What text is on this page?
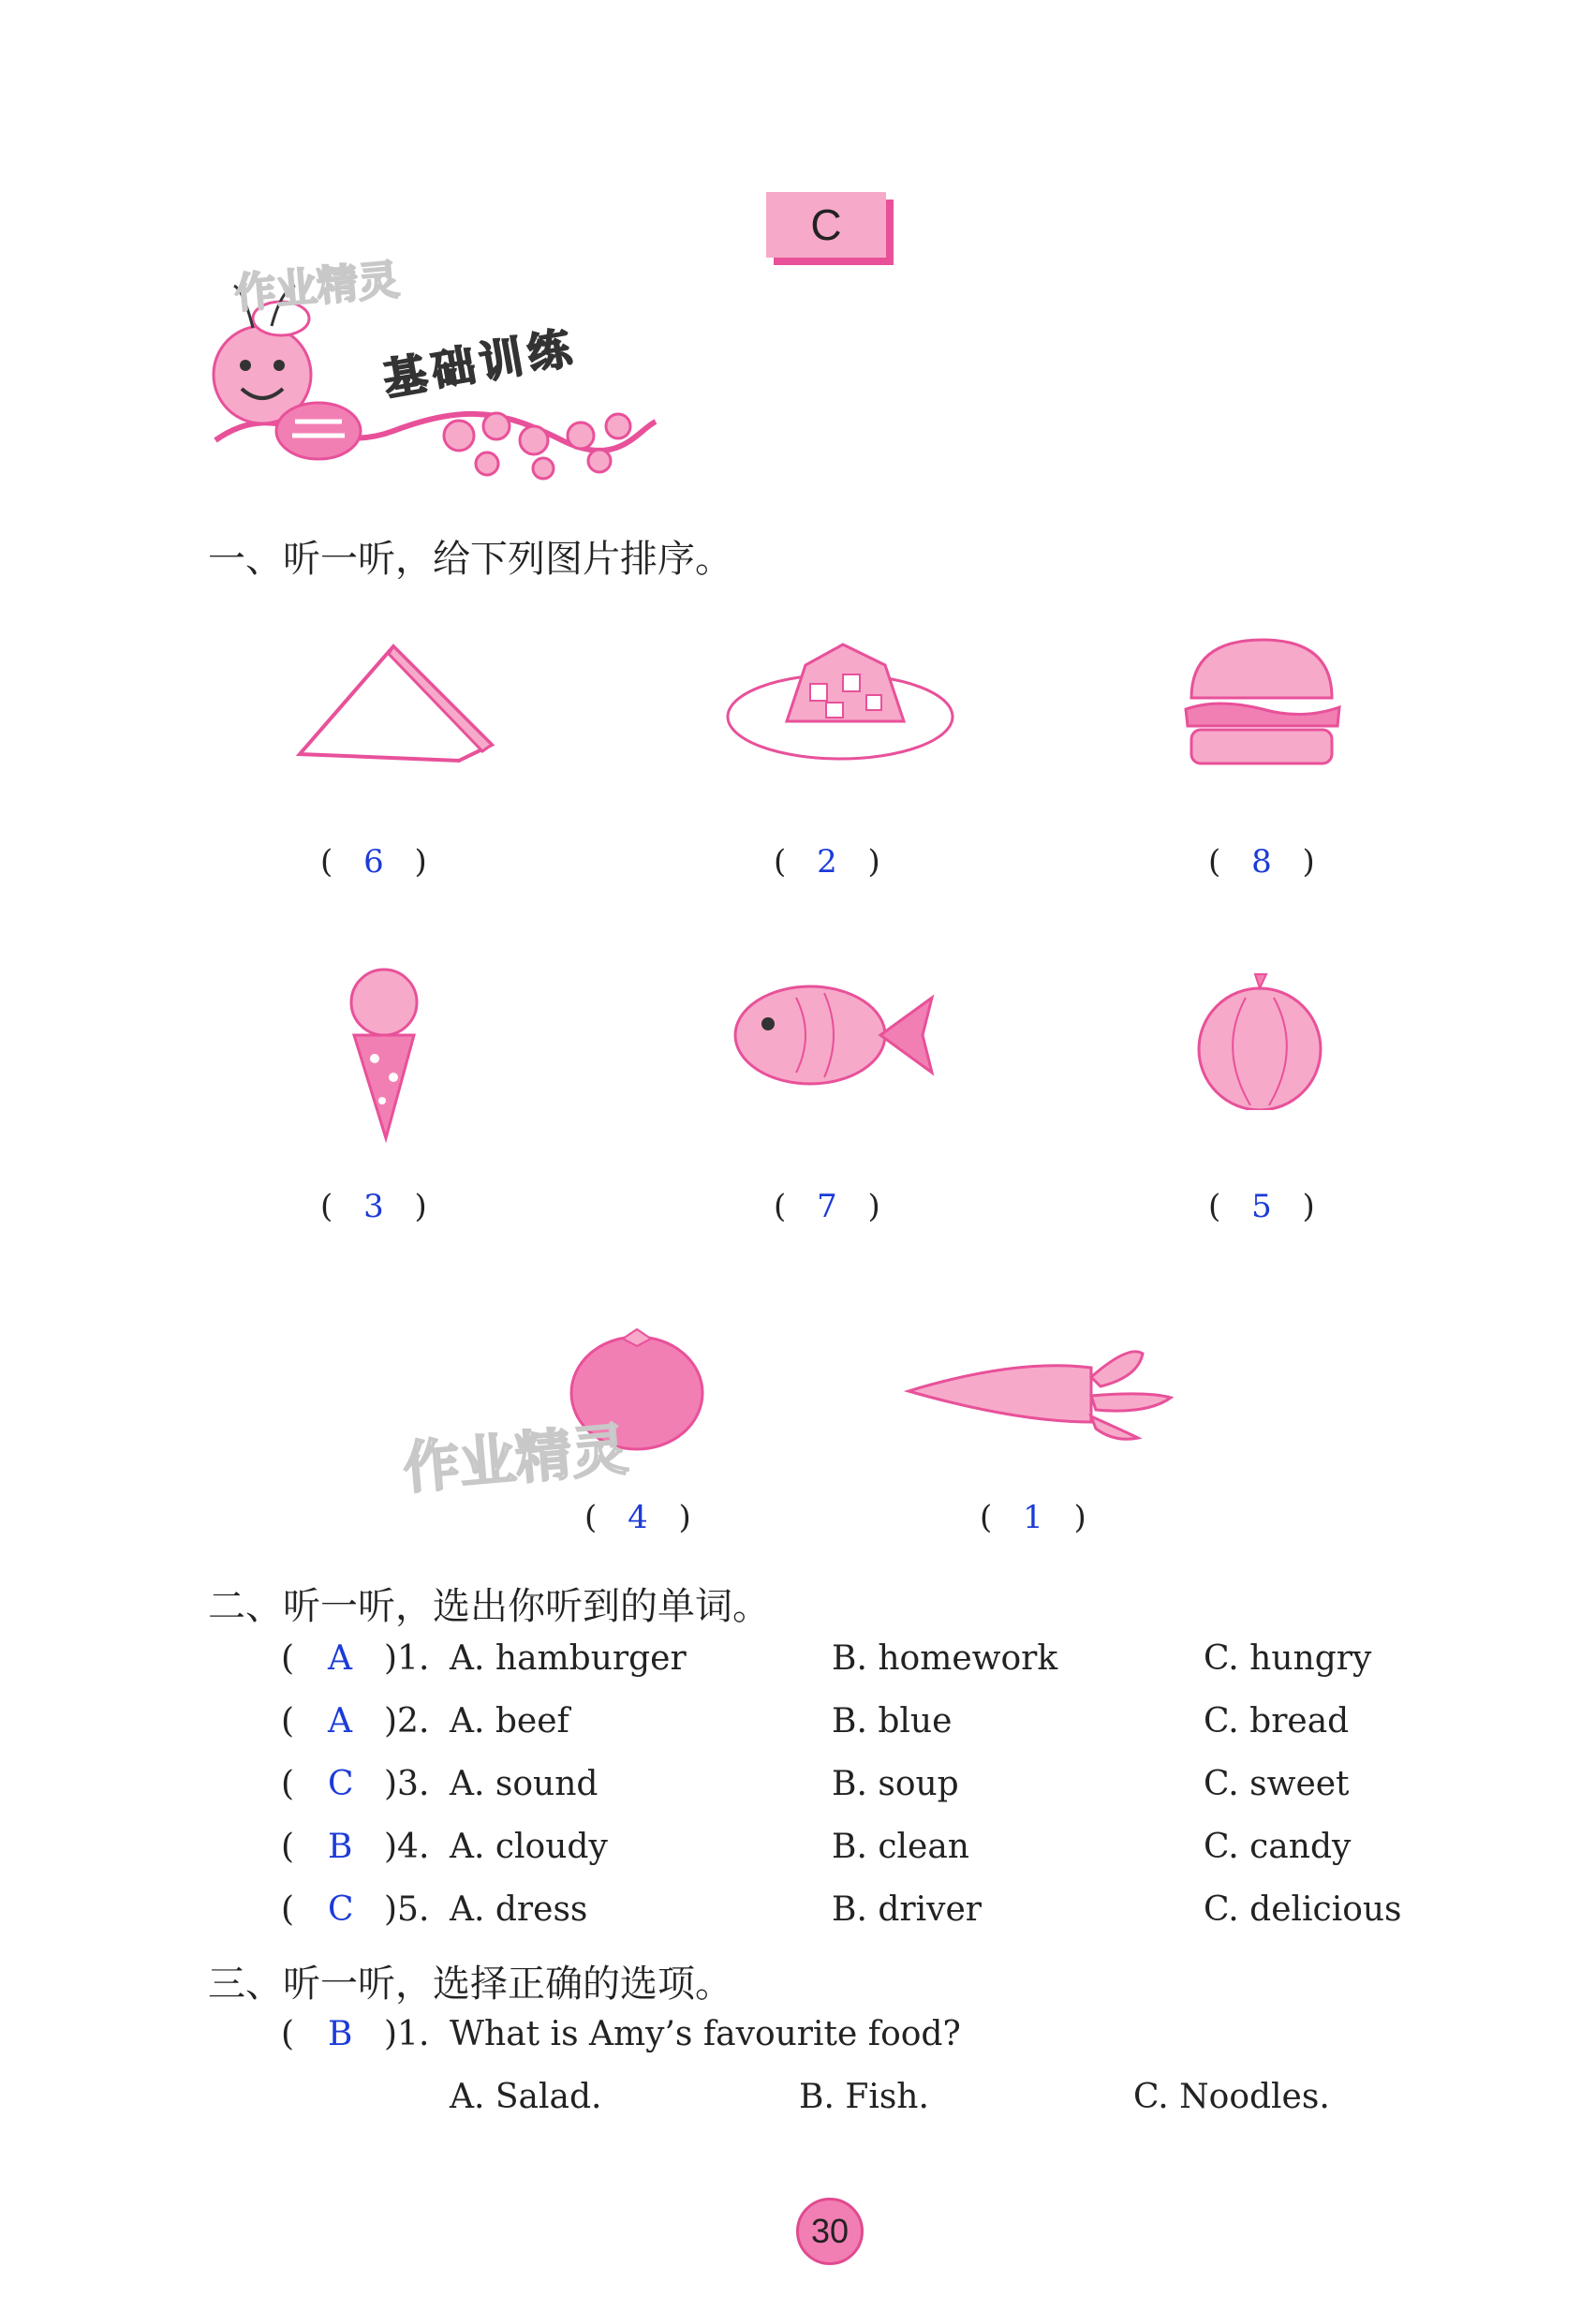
C
基础训练
作业精灵
一、听一听，给下列图片排序。
( 6 )	( 2 )	( 8 )
( 3 )	( 7 )	( 5 )
作业精灵
( 4 )	( 1 )
二、听一听，选出你听到的单词。
( A )1. A. hamburger	B. homework	C. hungry
( A )2. A. beef	B. blue	C. bread
( C )3. A. sound	B. soup	C. sweet
( B )4. A. cloudy	B. clean	C. candy
( C )5. A. dress	B. driver	C. delicious
三、听一听，选择正确的选项。
( B )1. What is Amy’s favourite food?
A. Salad.	B. Fish.	C. Noodles.
30
